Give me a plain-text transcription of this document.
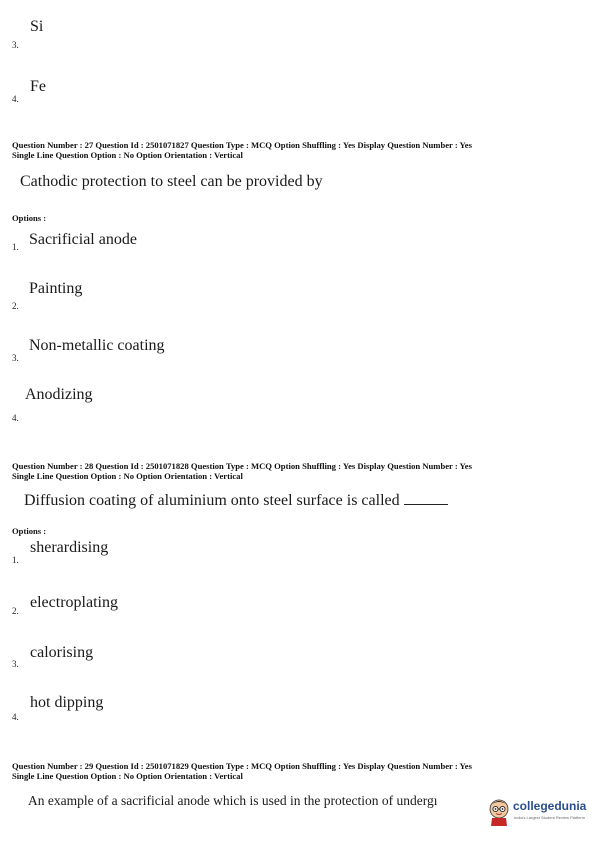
Si
3.
Fe
4.
Question Number : 27 Question Id : 2501071827 Question Type : MCQ Option Shuffling : Yes Display Question Number : Yes
Single Line Question Option : No Option Orientation : Vertical
Cathodic protection to steel can be provided by
Options :
Sacrificial anode
1.
Painting
2.
Non-metallic coating
3.
Anodizing
4.
Question Number : 28 Question Id : 2501071828 Question Type : MCQ Option Shuffling : Yes Display Question Number : Yes
Single Line Question Option : No Option Orientation : Vertical
Diffusion coating of aluminium onto steel surface is called
Options :
sherardising
1.
electroplating
2.
calorising
3.
hot dipping
4.
Question Number : 29 Question Id : 2501071829 Question Type : MCQ Option Shuffling : Yes Display Question Number : Yes
Single Line Question Option : No Option Orientation : Vertical
An example of a sacrificial anode which is used in the protection of undergı	collegedunia
India's Largest Student Review Platform
